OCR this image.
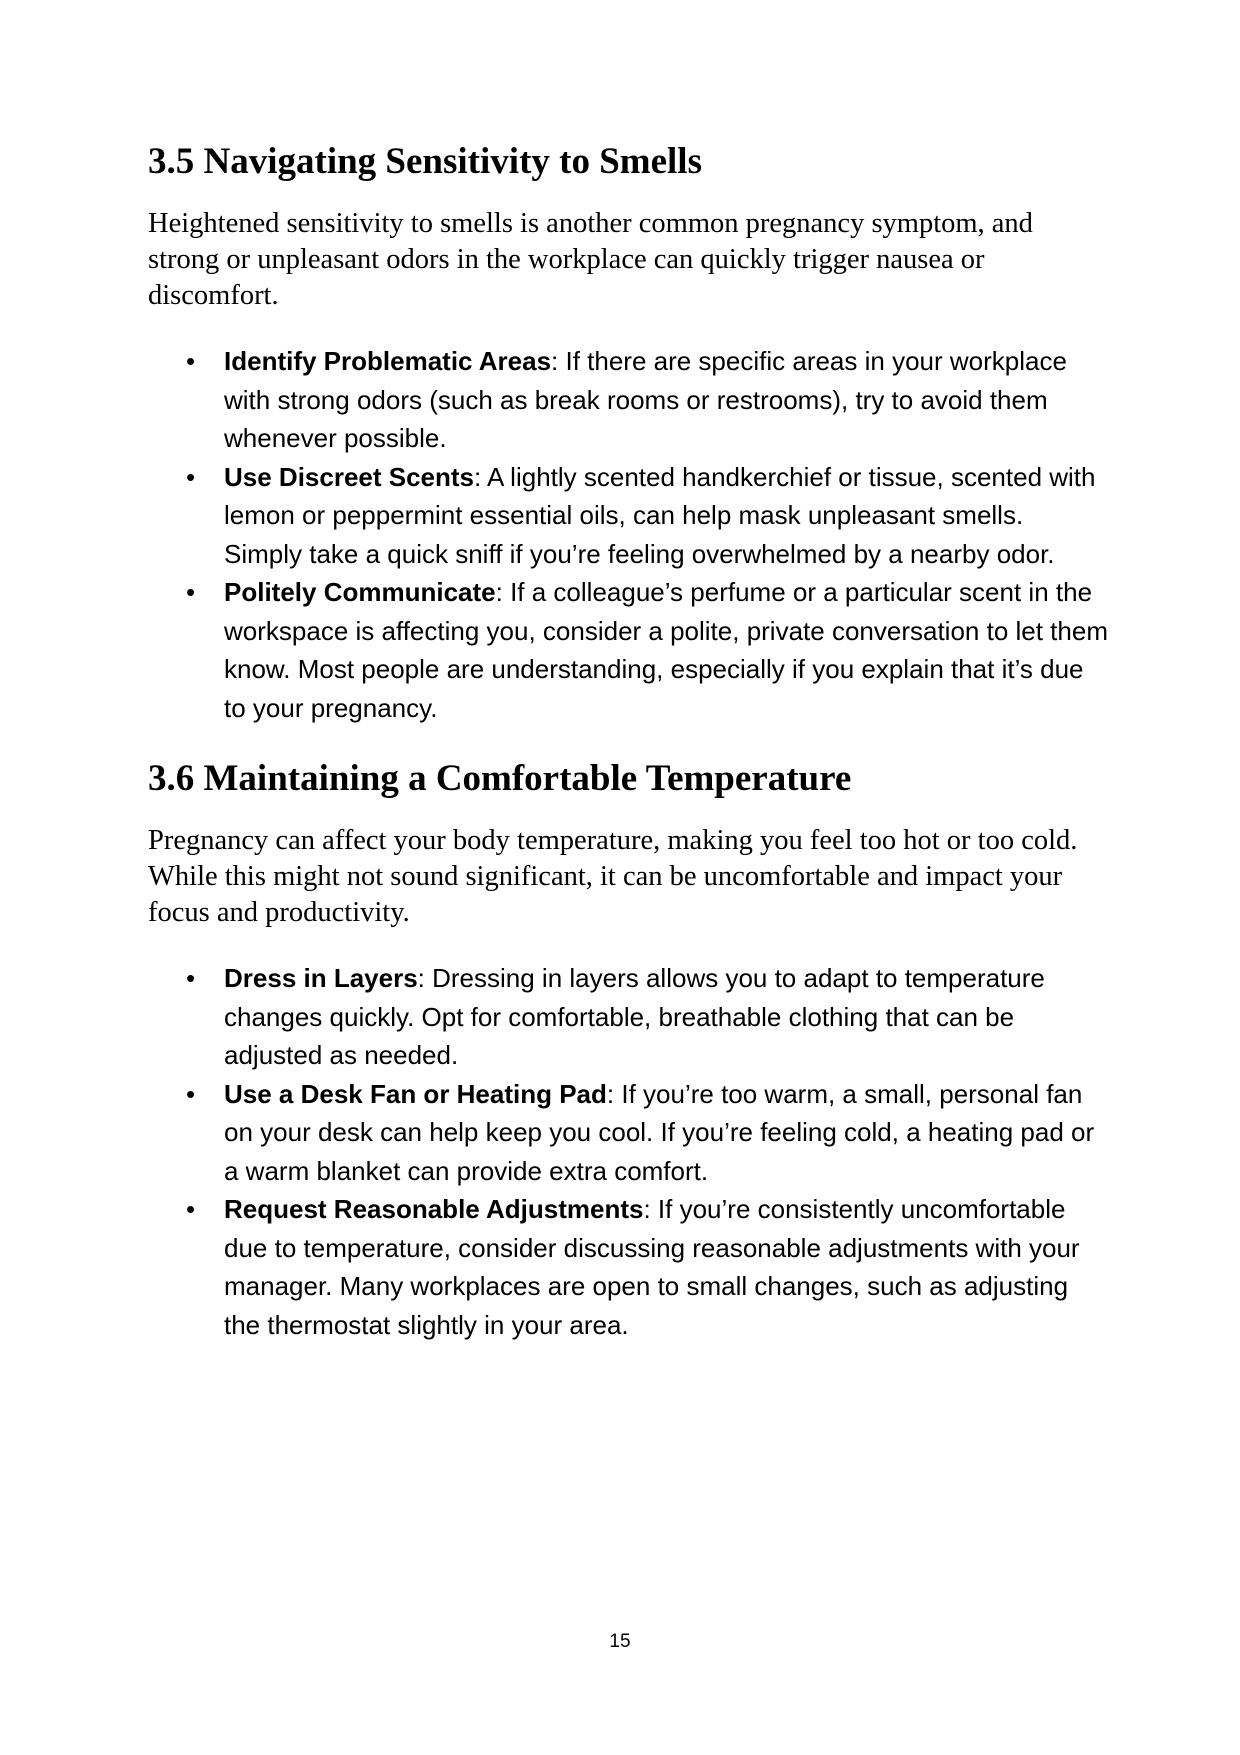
3.5 Navigating Sensitivity to Smells

Heightened sensitivity to smells is another common pregnancy symptom, and strong or unpleasant odors in the workplace can quickly trigger nausea or discomfort.

• Identify Problematic Areas: If there are specific areas in your workplace with strong odors (such as break rooms or restrooms), try to avoid them whenever possible.
• Use Discreet Scents: A lightly scented handkerchief or tissue, scented with lemon or peppermint essential oils, can help mask unpleasant smells. Simply take a quick sniff if you’re feeling overwhelmed by a nearby odor.
• Politely Communicate: If a colleague’s perfume or a particular scent in the workspace is affecting you, consider a polite, private conversation to let them know. Most people are understanding, especially if you explain that it’s due to your pregnancy.
3.6 Maintaining a Comfortable Temperature

Pregnancy can affect your body temperature, making you feel too hot or too cold. While this might not sound significant, it can be uncomfortable and impact your focus and productivity.

• Dress in Layers: Dressing in layers allows you to adapt to temperature changes quickly. Opt for comfortable, breathable clothing that can be adjusted as needed.
• Use a Desk Fan or Heating Pad: If you’re too warm, a small, personal fan on your desk can help keep you cool. If you’re feeling cold, a heating pad or a warm blanket can provide extra comfort.
• Request Reasonable Adjustments: If you’re consistently uncomfortable due to temperature, consider discussing reasonable adjustments with your manager. Many workplaces are open to small changes, such as adjusting the thermostat slightly in your area.
15
